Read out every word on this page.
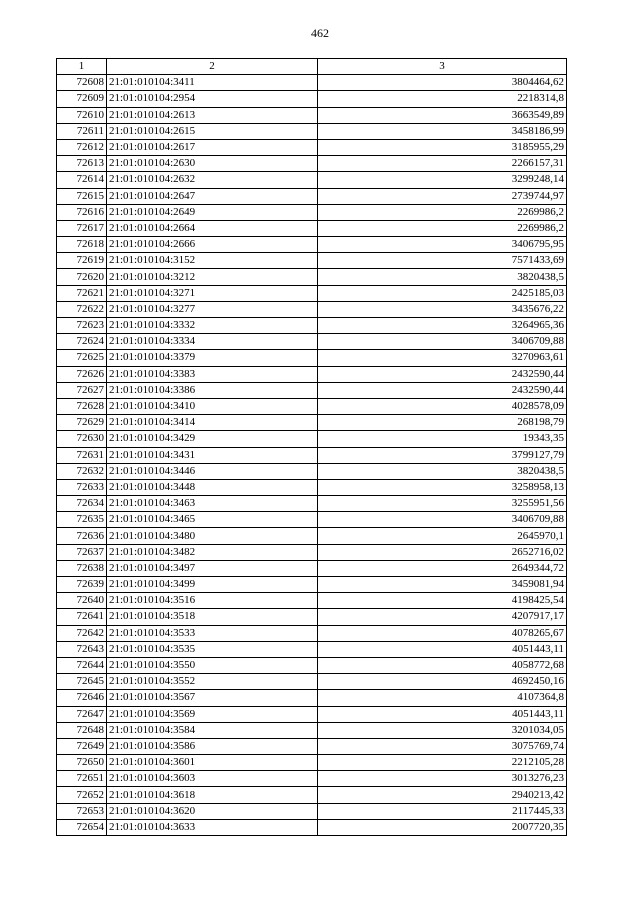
462
1	2	3
72608	21:01:010104:3411	3804464,62
72609	21:01:010104:2954	2218314,8
72610	21:01:010104:2613	3663549,89
72611	21:01:010104:2615	3458186,99
72612	21:01:010104:2617	3185955,29
72613	21:01:010104:2630	2266157,31
72614	21:01:010104:2632	3299248,14
72615	21:01:010104:2647	2739744,97
72616	21:01:010104:2649	2269986,2
72617	21:01:010104:2664	2269986,2
72618	21:01:010104:2666	3406795,95
72619	21:01:010104:3152	7571433,69
72620	21:01:010104:3212	3820438,5
72621	21:01:010104:3271	2425185,03
72622	21:01:010104:3277	3435676,22
72623	21:01:010104:3332	3264965,36
72624	21:01:010104:3334	3406709,88
72625	21:01:010104:3379	3270963,61
72626	21:01:010104:3383	2432590,44
72627	21:01:010104:3386	2432590,44
72628	21:01:010104:3410	4028578,09
72629	21:01:010104:3414	268198,79
72630	21:01:010104:3429	19343,35
72631	21:01:010104:3431	3799127,79
72632	21:01:010104:3446	3820438,5
72633	21:01:010104:3448	3258958,13
72634	21:01:010104:3463	3255951,56
72635	21:01:010104:3465	3406709,88
72636	21:01:010104:3480	2645970,1
72637	21:01:010104:3482	2652716,02
72638	21:01:010104:3497	2649344,72
72639	21:01:010104:3499	3459081,94
72640	21:01:010104:3516	4198425,54
72641	21:01:010104:3518	4207917,17
72642	21:01:010104:3533	4078265,67
72643	21:01:010104:3535	4051443,11
72644	21:01:010104:3550	4058772,68
72645	21:01:010104:3552	4692450,16
72646	21:01:010104:3567	4107364,8
72647	21:01:010104:3569	4051443,11
72648	21:01:010104:3584	3201034,05
72649	21:01:010104:3586	3075769,74
72650	21:01:010104:3601	2212105,28
72651	21:01:010104:3603	3013276,23
72652	21:01:010104:3618	2940213,42
72653	21:01:010104:3620	2117445,33
72654	21:01:010104:3633	2007720,35
